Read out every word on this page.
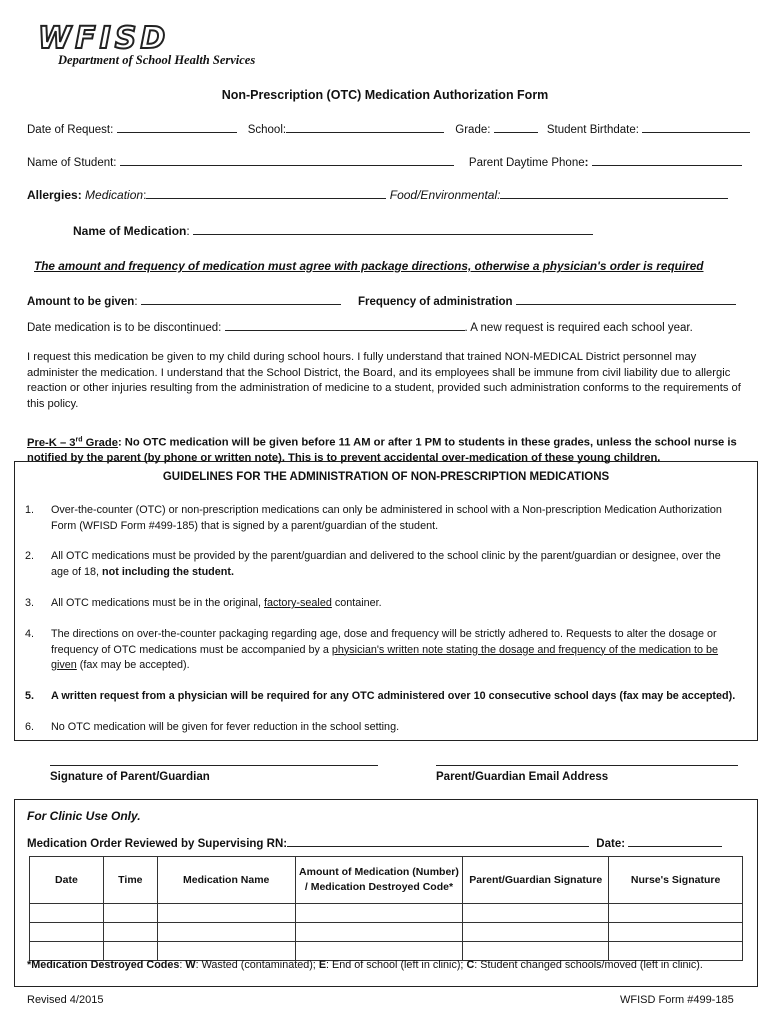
WFISD
Department of School Health Services
Non-Prescription (OTC) Medication Authorization Form
Date of Request:	School:	Grade:	Student Birthdate:
Name of Student:	Parent Daytime Phone:
Allergies: Medication:	Food/Environmental:
Name of Medication:
The amount and frequency of medication must agree with package directions, otherwise a physician's order is required
Amount to be given:	Frequency of administration
Date medication is to be discontinued:	. A new request is required each school year.
I request this medication be given to my child during school hours. I fully understand that trained NON-MEDICAL District personnel may administer the medication. I understand that the School District, the Board, and its employees shall be immune from civil liability due to allergic reaction or other injuries resulting from the administration of medicine to a student, provided such administration conforms to the requirements of this policy.
Pre-K – 3rd Grade: No OTC medication will be given before 11 AM or after 1 PM to students in these grades, unless the school nurse is notified by the parent (by phone or written note). This is to prevent accidental over-medication of these young children.
GUIDELINES FOR THE ADMINISTRATION OF NON-PRESCRIPTION MEDICATIONS
1.	Over-the-counter (OTC) or non-prescription medications can only be administered in school with a Non-prescription Medication Authorization Form (WFISD Form #499-185) that is signed by a parent/guardian of the student.
2.	All OTC medications must be provided by the parent/guardian and delivered to the school clinic by the parent/guardian or designee, over the age of 18, not including the student.
3.	All OTC medications must be in the original, factory-sealed container.
4.	The directions on over-the-counter packaging regarding age, dose and frequency will be strictly adhered to. Requests to alter the dosage or frequency of OTC medications must be accompanied by a physician's written note stating the dosage and frequency of the medication to be given (fax may be accepted).
5.	A written request from a physician will be required for any OTC administered over 10 consecutive school days (fax may be accepted).
6.	No OTC medication will be given for fever reduction in the school setting.
Signature of Parent/Guardian	Parent/Guardian Email Address
For Clinic Use Only.
Medication Order Reviewed by Supervising RN:	Date:
Date	Time	Medication Name	Amount of Medication (Number) / Medication Destroyed Code*	Parent/Guardian Signature	Nurse's Signature

*Medication Destroyed Codes: W: Wasted (contaminated); E: End of school (left in clinic); C: Student changed schools/moved (left in clinic).
Revised 4/2015	WFISD Form #499-185
